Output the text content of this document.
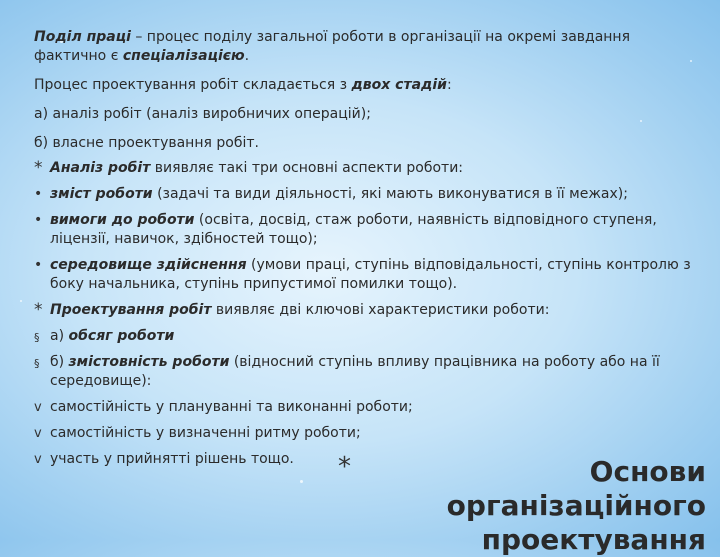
Поділ праці – процес поділу загальної роботи в організації на окремі завдання фактично є спеціалізацією.

Процес проектування робіт складається з двох стадій:

а) аналіз робіт (аналіз виробничих операцій);

б) власне проектування робіт.

* Аналіз робіт виявляє такі три основні аспекти роботи:
• зміст роботи (задачі та види діяльності, які мають виконуватися в її межах);
• вимоги до роботи (освіта, досвід, стаж роботи, наявність відповідного ступеня, ліцензії, навичок, здібностей тощо);
• середовище здійснення (умови праці, ступінь відповідальності, ступінь контролю з боку начальника, ступінь припустимої помилки тощо).
* Проектування робіт виявляє дві ключові характеристики роботи:
§ а) обсяг роботи
§ б) змістовність роботи (відносний ступінь впливу працівника на роботу або на її середовище):
v самостійність у плануванні та виконанні роботи;
v самостійність у визначенні ритму роботи;
v участь у прийнятті рішень тощо.	*	Основи організаційного
проектування
